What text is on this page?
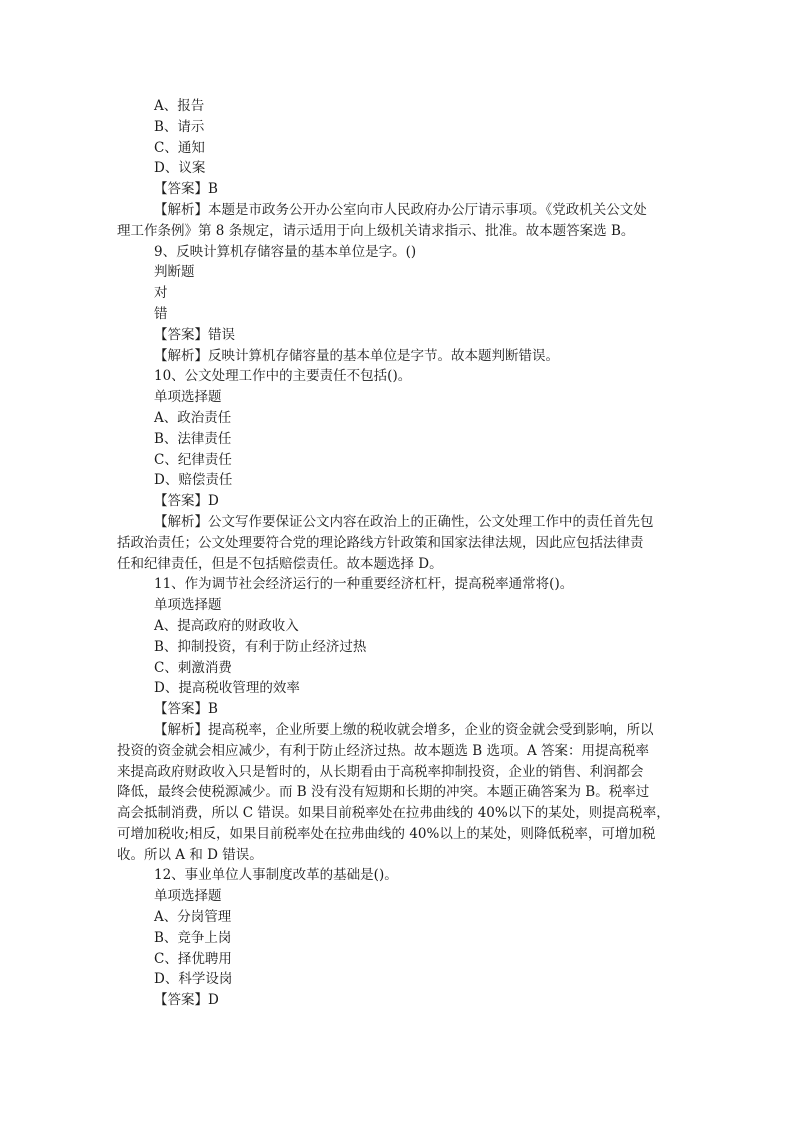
A、报告
B、请示
C、通知
D、议案
【答案】B
【解析】本题是市政务公开办公室向市人民政府办公厅请示事项。《党政机关公文处
理工作条例》第 8 条规定，请示适用于向上级机关请求指示、批准。故本题答案选 B。
9、反映计算机存储容量的基本单位是字。()
判断题
对
错
【答案】错误
【解析】反映计算机存储容量的基本单位是字节。故本题判断错误。
10、公文处理工作中的主要责任不包括()。
单项选择题
A、政治责任
B、法律责任
C、纪律责任
D、赔偿责任
【答案】D
【解析】公文写作要保证公文内容在政治上的正确性，公文处理工作中的责任首先包
括政治责任；公文处理要符合党的理论路线方针政策和国家法律法规，因此应包括法律责
任和纪律责任，但是不包括赔偿责任。故本题选择 D。
11、作为调节社会经济运行的一种重要经济杠杆，提高税率通常将()。
单项选择题
A、提高政府的财政收入
B、抑制投资，有利于防止经济过热
C、刺激消费
D、提高税收管理的效率
【答案】B
【解析】提高税率，企业所要上缴的税收就会增多，企业的资金就会受到影响，所以
投资的资金就会相应减少，有利于防止经济过热。故本题选 B 选项。A 答案：用提高税率
来提高政府财政收入只是暂时的，从长期看由于高税率抑制投资，企业的销售、利润都会
降低，最终会使税源减少。而 B 没有没有短期和长期的冲突。本题正确答案为 B。税率过
高会抵制消费，所以 C 错误。如果目前税率处在拉弗曲线的 40%以下的某处，则提高税率，
可增加税收;相反，如果目前税率处在拉弗曲线的 40%以上的某处，则降低税率，可增加税
收。所以 A 和 D 错误。
12、事业单位人事制度改革的基础是()。
单项选择题
A、分岗管理
B、竞争上岗
C、择优聘用
D、科学设岗
【答案】D
